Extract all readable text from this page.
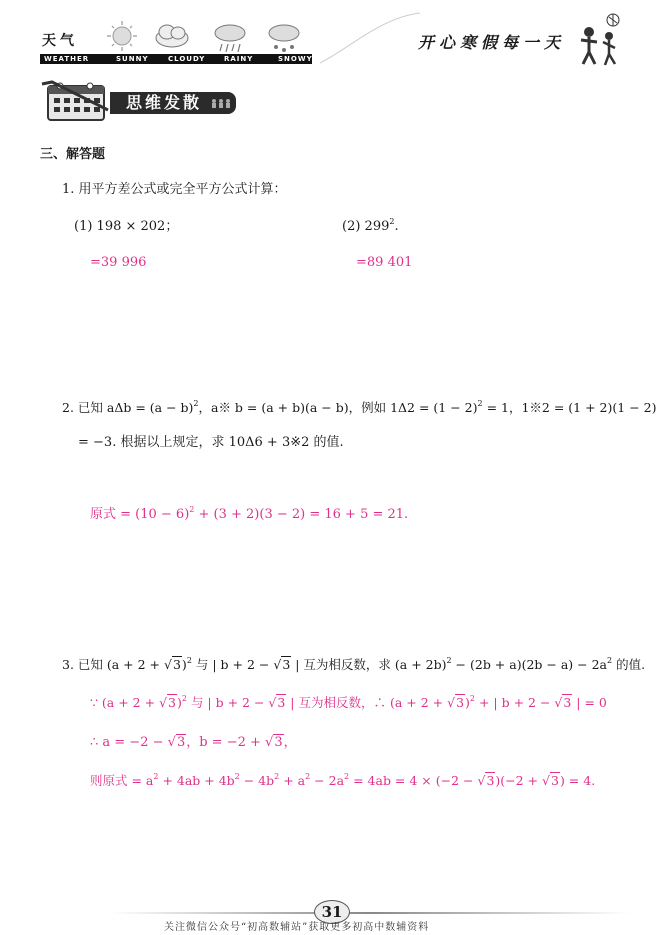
天气
WEATHER	SUNNY	CLOUDY	RAINY	SNOWY
开心寒假每一天
思维发散
三、解答题
1. 用平方差公式或完全平方公式计算：
(1) 198 × 202；	(2) $299^2$.
=39 996	=89 401
2. 已知 $a\Delta b = (a - b)^2$，a※ b = (a + b)(a − b)，例如 $1\Delta 2 = (1 - 2)^2 = 1$，1※2 = (1 + 2)(1 − 2)
= −3. 根据以上规定，求 10Δ6 + 3※2 的值.
原式 = $(10 - 6)^2 + (3 + 2)(3 - 2) = 16 + 5 = 21$.
3. 已知 $(a + 2 + √3)^2$ 与 | b + 2 − √3 | 互为相反数，求 $(a + 2b)^2 - (2b + a)(2b - a) - 2a^2$ 的值.
∵ $(a + 2 + √3)^2$ 与 | b + 2 − √3 | 互为相反数，∴ $(a + 2 + √3)^2$ + | b + 2 − √3 | = 0
∴ a = −2 − √3，b = −2 + √3，
则原式 = $a^2 + 4ab + 4b^2 - 4b^2 + a^2 - 2a^2 = 4ab = 4 \times (-2 - √3)(-2 + √3) = 4$.
31
关注微信公众号“初高数辅站”获取更多初高中数辅资料
